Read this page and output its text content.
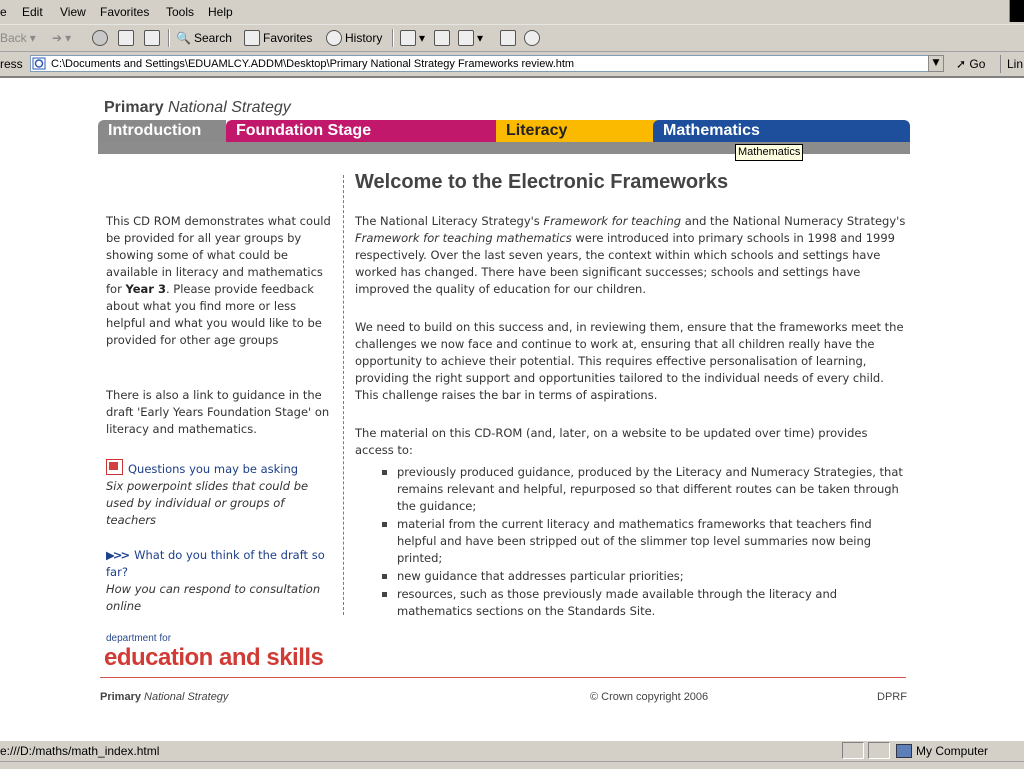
e Edit View Favorites Tools Help
Back ▾ ➔ ▾	🔍 Search	Favorites	History	▾	▾
ress	C:\Documents and Settings\EDUAMLCY.ADDM\Desktop\Primary National Strategy Frameworks review.htm	▼	➚ Go	Lin
Primary National Strategy
Literacy
Foundation Stage
Introduction	Mathematics
Mathematics
This CD ROM demonstrates what could be provided for all year groups by showing some of what could be available in literacy and mathematics for Year 3. Please provide feedback about what you find more or less helpful and what you would like to be provided for other age groups
There is also a link to guidance in the draft 'Early Years Foundation Stage' on literacy and mathematics.
Questions you may be asking
Six powerpoint slides that could be used by individual or groups of teachers
▶>> What do you think of the draft so far?
How you can respond to consultation online
Welcome to the Electronic Frameworks
The National Literacy Strategy's Framework for teaching and the National Numeracy Strategy's Framework for teaching mathematics were introduced into primary schools in 1998 and 1999 respectively. Over the last seven years, the context within which schools and settings have worked has changed. There have been significant successes; schools and settings have improved the quality of education for our children.
We need to build on this success and, in reviewing them, ensure that the frameworks meet the challenges we now face and continue to work at, ensuring that all children really have the opportunity to achieve their potential. This requires effective personalisation of learning, providing the right support and opportunities tailored to the individual needs of every child. This challenge raises the bar in terms of aspirations.
The material on this CD-ROM (and, later, on a website to be updated over time) provides access to:
previously produced guidance, produced by the Literacy and Numeracy Strategies, that remains relevant and helpful, repurposed so that different routes can be taken through the guidance;
material from the current literacy and mathematics frameworks that teachers find helpful and have been stripped out of the slimmer top level summaries now being printed;
new guidance that addresses particular priorities;
resources, such as those previously made available through the literacy and mathematics sections on the Standards Site.
department for
education and skills
Primary National Strategy	© Crown copyright 2006	DPRF
e:///D:/maths/math_index.html	My Computer
